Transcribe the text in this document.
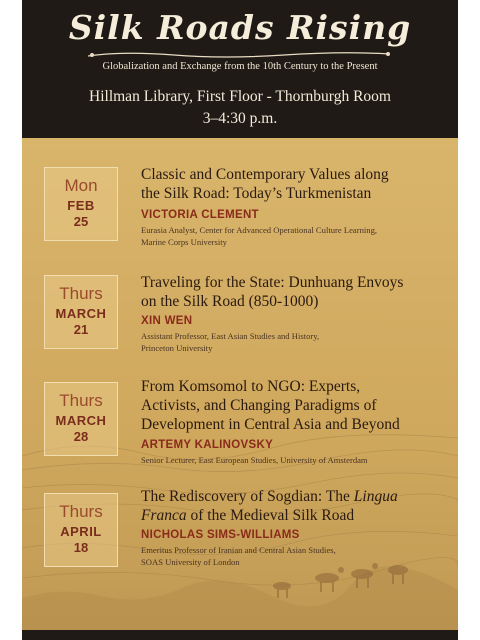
Silk Roads Rising
Globalization and Exchange from the 10th Century to the Present
Hillman Library, First Floor - Thornburgh Room
3–4:30 p.m.
Mon
FEB
25
Classic and Contemporary Values along
the Silk Road: Today’s Turkmenistan
VICTORIA CLEMENT
Eurasia Analyst, Center for Advanced Operational Culture Learning,
Marine Corps University
Thurs
MARCH
21
Traveling for the State: Dunhuang Envoys
on the Silk Road (850-1000)
XIN WEN
Assistant Professor, East Asian Studies and History,
Princeton University
Thurs
MARCH
28
From Komsomol to NGO: Experts,
Activists, and Changing Paradigms of
Development in Central Asia and Beyond
ARTEMY KALINOVSKY
Senior Lecturer, East European Studies, University of Amsterdam
Thurs
APRIL
18
The Rediscovery of Sogdian: The Lingua
Franca of the Medieval Silk Road
NICHOLAS SIMS-WILLIAMS
Emeritus Professor of Iranian and Central Asian Studies,
SOAS University of London
